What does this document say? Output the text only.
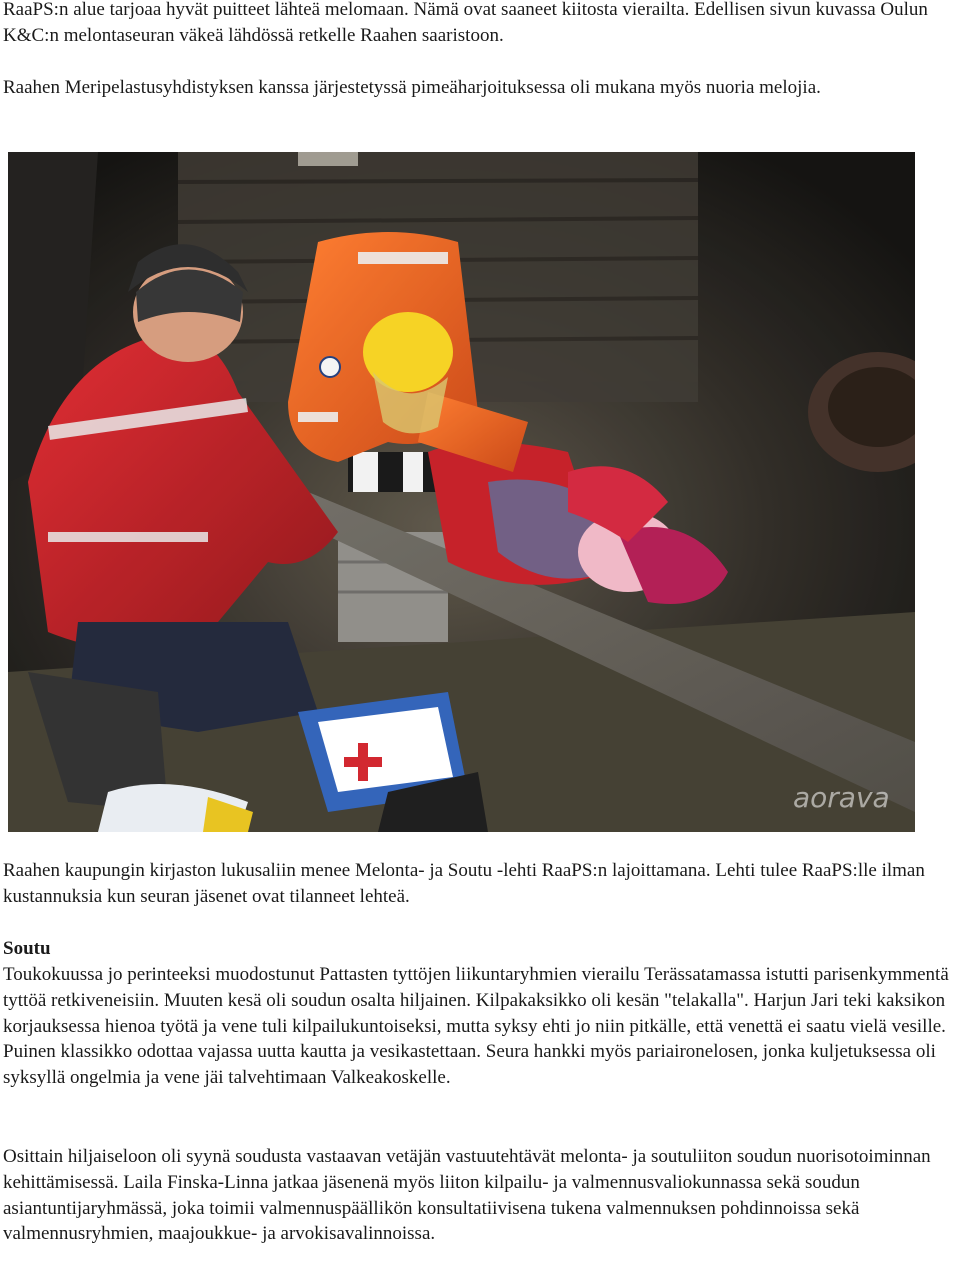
RaaPS:n alue tarjoaa hyvät puitteet lähteä melomaan. Nämä ovat saaneet kiitosta vierailta. Edellisen sivun kuvassa Oulun K&C:n melontaseuran väkeä lähdössä retkelle Raahen saaristoon.

Raahen Meripelastusyhdistyksen kanssa järjestetyssä pimeäharjoituksessa oli mukana myös nuoria melojia.

aorava

Raahen kaupungin kirjaston lukusaliin menee Melonta- ja Soutu -lehti RaaPS:n lajoittamana. Lehti tulee RaaPS:lle ilman kustannuksia kun seuran jäsenet ovat tilanneet lehteä.

Soutu

Toukokuussa jo perinteeksi muodostunut Pattasten tyttöjen liikuntaryhmien vierailu Terässatamassa istutti parisenkymmentä tyttöä retkiveneisiin. Muuten kesä oli soudun osalta hiljainen. Kilpakaksikko oli kesän "telakalla". Harjun Jari teki kaksikon korjauksessa hienoa työtä ja vene tuli kilpailukuntoiseksi, mutta syksy ehti jo niin pitkälle, että venettä ei saatu vielä vesille. Puinen klassikko odottaa vajassa uutta kautta ja vesikastettaan. Seura hankki myös pariaironelosen, jonka kuljetuksessa oli syksyllä ongelmia ja vene jäi talvehtimaan Valkeakoskelle.

Osittain hiljaiseloon oli syynä soudusta vastaavan vetäjän vastuutehtävät melonta- ja soutuliiton soudun nuorisotoiminnan kehittämisessä. Laila Finska-Linna jatkaa jäsenenä myös liiton kilpailu- ja valmennusvaliokunnassa sekä soudun asiantuntijaryhmässä, joka toimii valmennuspäällikön konsultatiivisena tukena valmennuksen pohdinnoissa sekä valmennusryhmien, maajoukkue- ja arvokisavalinnoissa.
